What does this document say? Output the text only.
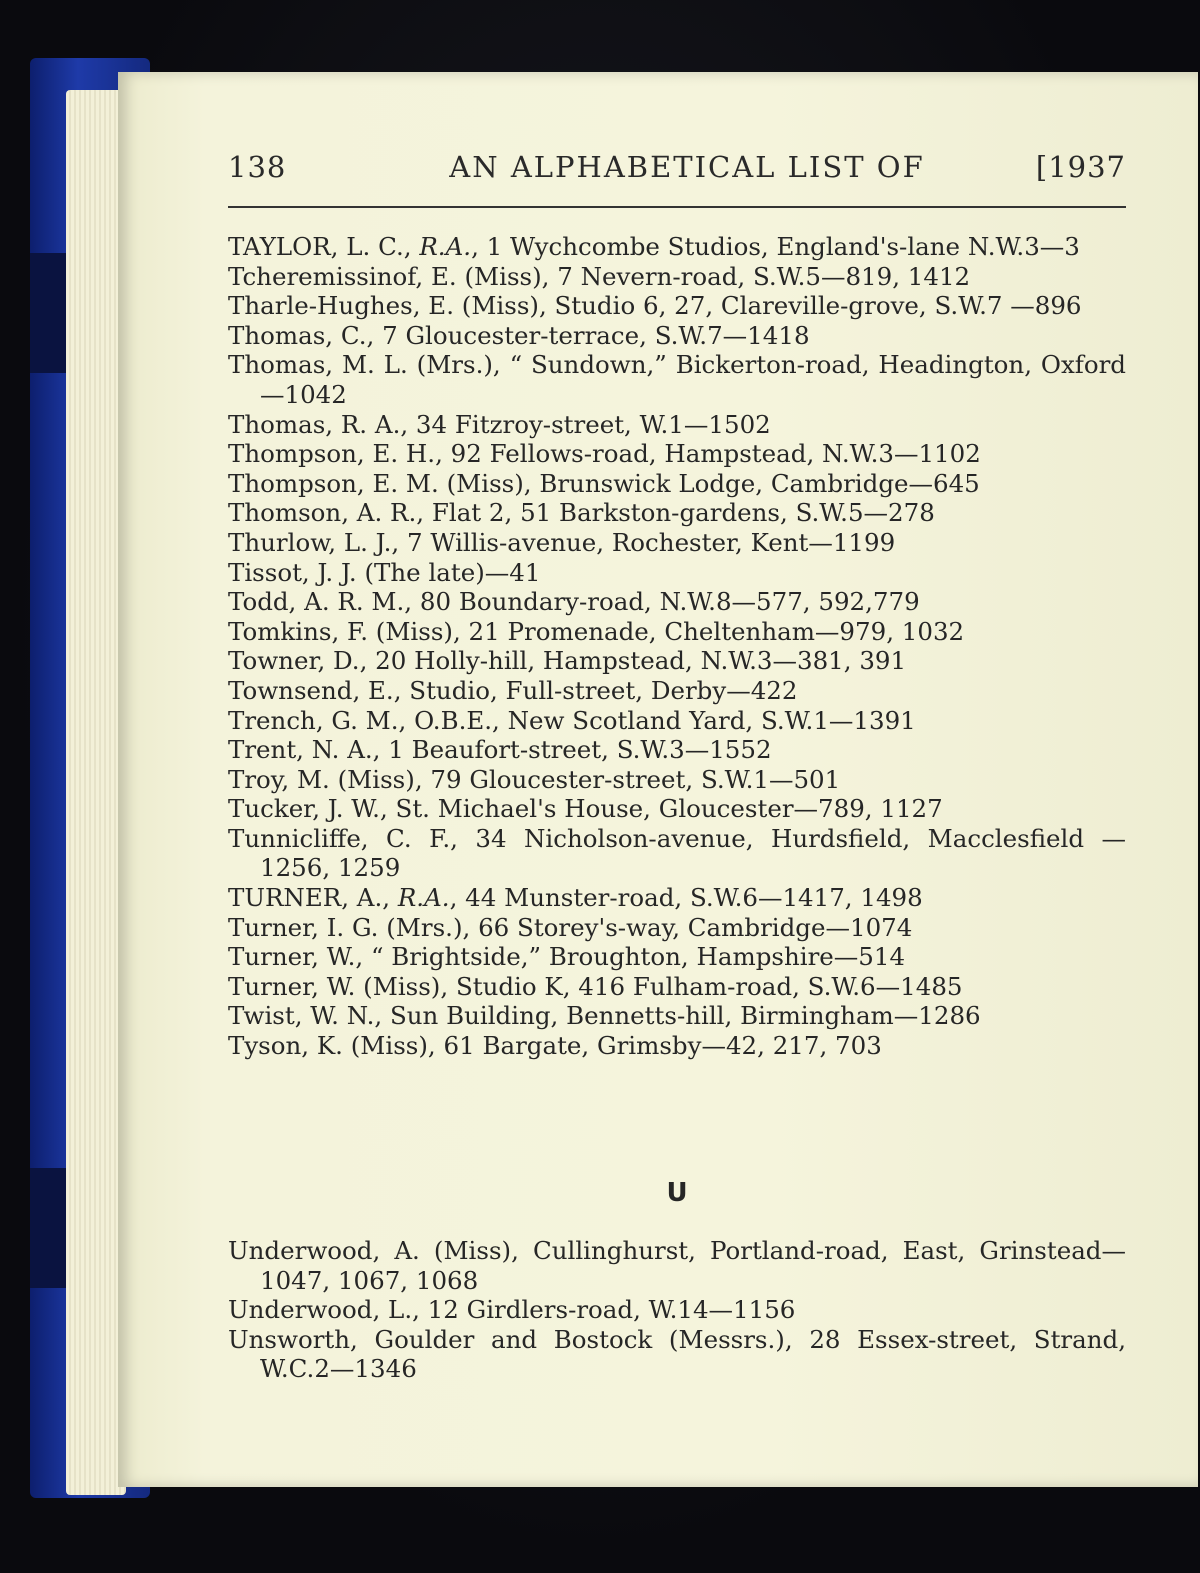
138	AN ALPHABETICAL LIST OF	[1937

TAYLOR, L. C., R.A., 1 Wychcombe Studios, England's-lane N.W.3—3

Tcheremissinof, E. (Miss), 7 Nevern-road, S.W.5—819, 1412

Tharle-Hughes, E. (Miss), Studio 6, 27, Clareville-grove, S.W.7 —896

Thomas, C., 7 Gloucester-terrace, S.W.7—1418

Thomas, M. L. (Mrs.), “ Sundown,” Bickerton-road, Headington, Oxford—1042

Thomas, R. A., 34 Fitzroy-street, W.1—1502

Thompson, E. H., 92 Fellows-road, Hampstead, N.W.3—1102

Thompson, E. M. (Miss), Brunswick Lodge, Cambridge—645

Thomson, A. R., Flat 2, 51 Barkston-gardens, S.W.5—278

Thurlow, L. J., 7 Willis-avenue, Rochester, Kent—1199

Tissot, J. J. (The late)—41

Todd, A. R. M., 80 Boundary-road, N.W.8—577, 592,779

Tomkins, F. (Miss), 21 Promenade, Cheltenham—979, 1032

Towner, D., 20 Holly-hill, Hampstead, N.W.3—381, 391

Townsend, E., Studio, Full-street, Derby—422

Trench, G. M., O.B.E., New Scotland Yard, S.W.1—1391

Trent, N. A., 1 Beaufort-street, S.W.3—1552

Troy, M. (Miss), 79 Gloucester-street, S.W.1—501

Tucker, J. W., St. Michael's House, Gloucester—789, 1127

Tunnicliffe, C. F., 34 Nicholson-avenue, Hurdsfield, Macclesfield —1256, 1259

TURNER, A., R.A., 44 Munster-road, S.W.6—1417, 1498

Turner, I. G. (Mrs.), 66 Storey's-way, Cambridge—1074

Turner, W., “ Brightside,” Broughton, Hampshire—514

Turner, W. (Miss), Studio K, 416 Fulham-road, S.W.6—1485

Twist, W. N., Sun Building, Bennetts-hill, Birmingham—1286

Tyson, K. (Miss), 61 Bargate, Grimsby—42, 217, 703

U

Underwood, A. (Miss), Cullinghurst, Portland-road, East, Grinstead—1047, 1067, 1068

Underwood, L., 12 Girdlers-road, W.14—1156

Unsworth, Goulder and Bostock (Messrs.), 28 Essex-street, Strand, W.C.2—1346
